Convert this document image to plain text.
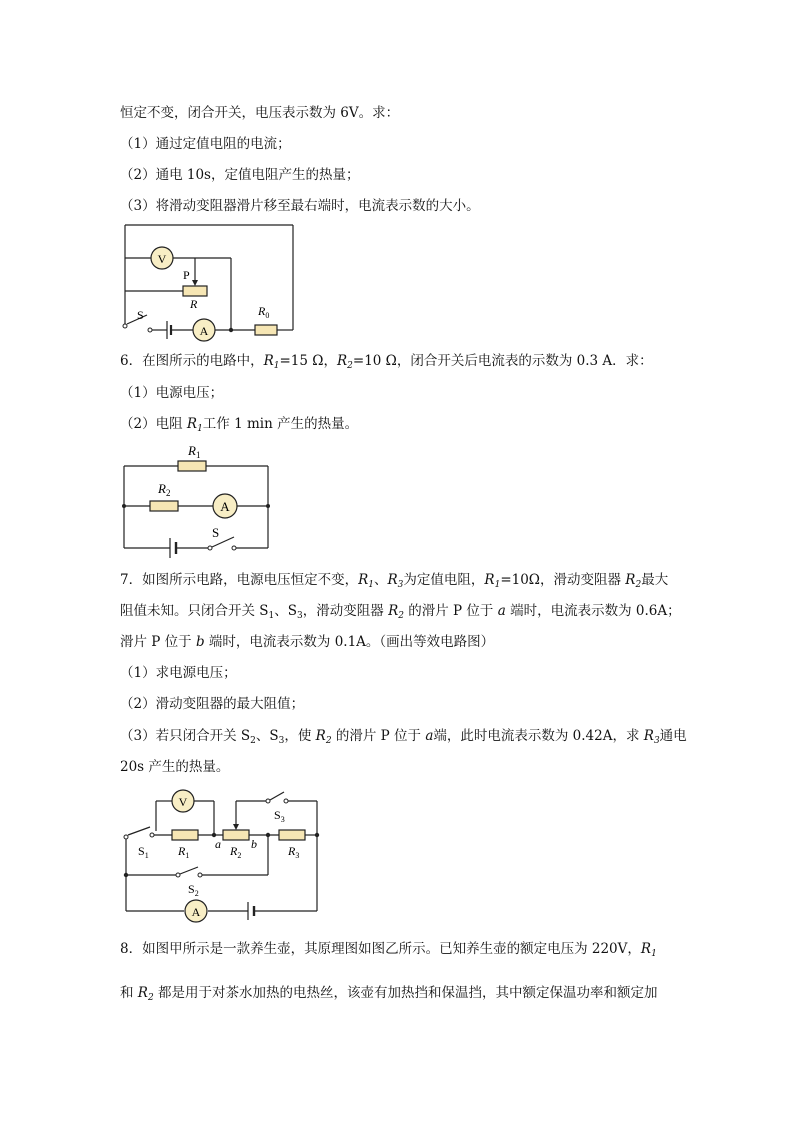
恒定不变，闭合开关，电压表示数为 6V。求：
（1）通过定值电阻的电流；
（2）通电 10s，定值电阻产生的热量；
（3）将滑动变阻器滑片移至最右端时，电流表示数的大小。
V
P
R
S
A
$R_0$
6．在图所示的电路中，$R_1=15$ Ω，$R_2=10$ Ω，闭合开关后电流表的示数为 0.3 A．求：
（1）电源电压；
（2）电阻 $R_1$工作 1 min 产生的热量。
$R_1$
$R_2$
A
S
7．如图所示电路，电源电压恒定不变，$R_1$、$R_3$为定值电阻，$R_1=10\Omega$，滑动变阻器 $R_2$最大
阻值未知。只闭合开关 $S_1$、$S_3$，滑动变阻器 $R_2$ 的滑片 P 位于 a 端时，电流表示数为 0.6A；
滑片 P 位于 b 端时，电流表示数为 0.1A。（画出等效电路图）
（1）求电源电压；
（2）滑动变阻器的最大阻值；
（3）若只闭合开关 $S_2$、$S_3$，使 $R_2$ 的滑片 P 位于 a端，此时电流表示数为 0.42A，求 $R_3$通电
20s 产生的热量。
V
$S_1$ $R_1$
a $R_2$
b
$S_3$
$R_3$
$S_2$
A
8．如图甲所示是一款养生壶，其原理图如图乙所示。已知养生壶的额定电压为 220V，$R_1$
和 $R_2$ 都是用于对茶水加热的电热丝，该壶有加热挡和保温挡，其中额定保温功率和额定加
